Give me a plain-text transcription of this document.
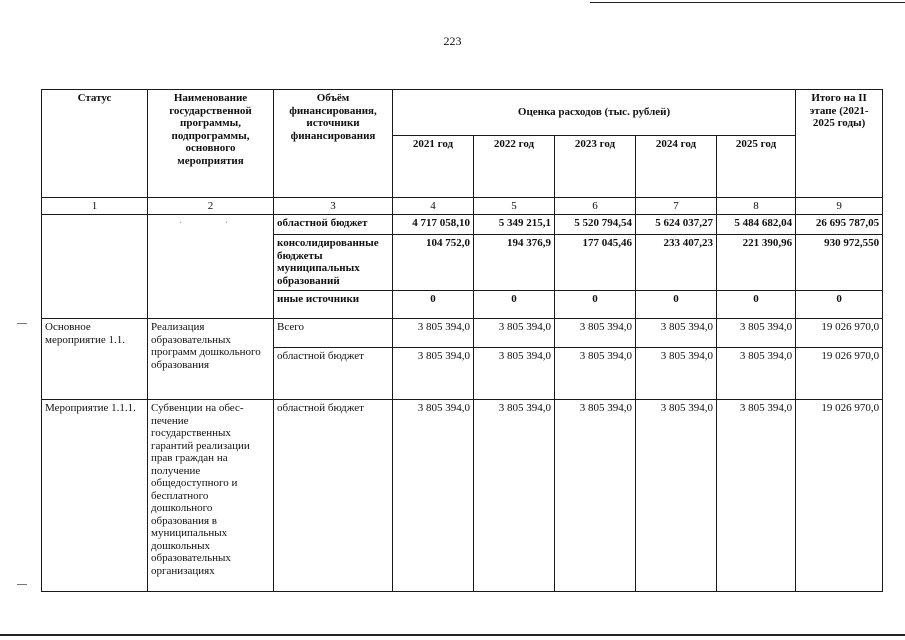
223
Статус	Наименование государственной программы, подпрограммы, основного мероприятия	Объём финансирования, источники финансирования	Оценка расходов (тыс. рублей)					Итого на II этапе (2021-2025 годы)
			2021 год	2022 год	2023 год	2024 год	2025 год	
1	2	3	4	5	6	7	8	9
	· ·	областной бюджет	4 717 058,10	5 349 215,1	5 520 794,54	5 624 037,27	5 484 682,04	26 695 787,05
		консолидированные бюджеты муниципальных образований	104 752,0	194 376,9	177 045,46	233 407,23	221 390,96	930 972,550
		иные источники	0	0	0	0	0	0
Основное мероприятие 1.1.	Реализация образовательных программ дошкольного образования	Всего	3 805 394,0	3 805 394,0	3 805 394,0	3 805 394,0	3 805 394,0	19 026 970,0
		областной бюджет	3 805 394,0	3 805 394,0	3 805 394,0	3 805 394,0	3 805 394,0	19 026 970,0
Мероприятие 1.1.1.	Субвенции на обес-печение государственных гарантий реализации прав граждан на получение общедоступного и бесплатного дошкольного образования в муниципальных дошкольных образовательных организациях	областной бюджет	3 805 394,0	3 805 394,0	3 805 394,0	3 805 394,0	3 805 394,0	19 026 970,0
